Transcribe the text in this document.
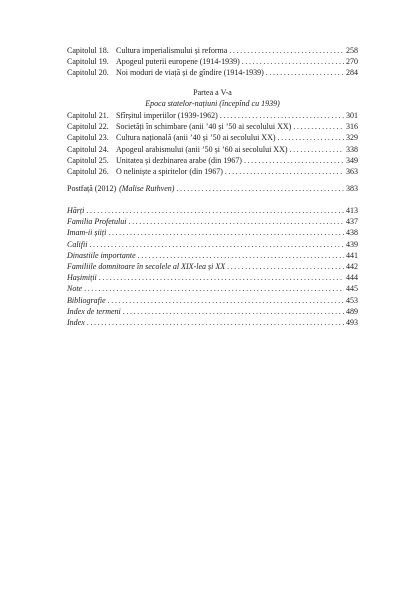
Capitolul 18. Cultura imperialismului și reforma .....	258
Capitolul 19. Apogeul puterii europene (1914-1939) .....	270
Capitolul 20. Noi moduri de viață și de gîndire (1914-1939) .....	284
Partea a V-a
Epoca statelor-națiuni (începînd cu 1939)
Capitolul 21. Sfîrșitul imperiilor (1939-1962) .....	301
Capitolul 22. Societăți în schimbare (anii ’40 și ’50 ai secolului XX) .....	316
Capitolul 23. Cultura națională (anii ’40 și ’50 ai secolului XX) .....	329
Capitolul 24. Apogeul arabismului (anii ’50 și ’60 ai secolului XX) .....	338
Capitolul 25. Unitatea și dezbinarea arabe (din 1967) .....	349
Capitolul 26. O neliniște a spiritelor (din 1967) .....	363
Postfață (2012) (Malise Ruthven) .....	383
Hărți .....	413
Familia Profetului .....	437
Imam-ii șiiți .....	438
Califii .....	439
Dinastiile importante .....	441
Familiile domnitoare în secolele al XIX-lea și XX .....	442
Hașimiții .....	444
Note .....	445
Bibliografie .....	453
Index de termeni .....	489
Index .....	493
